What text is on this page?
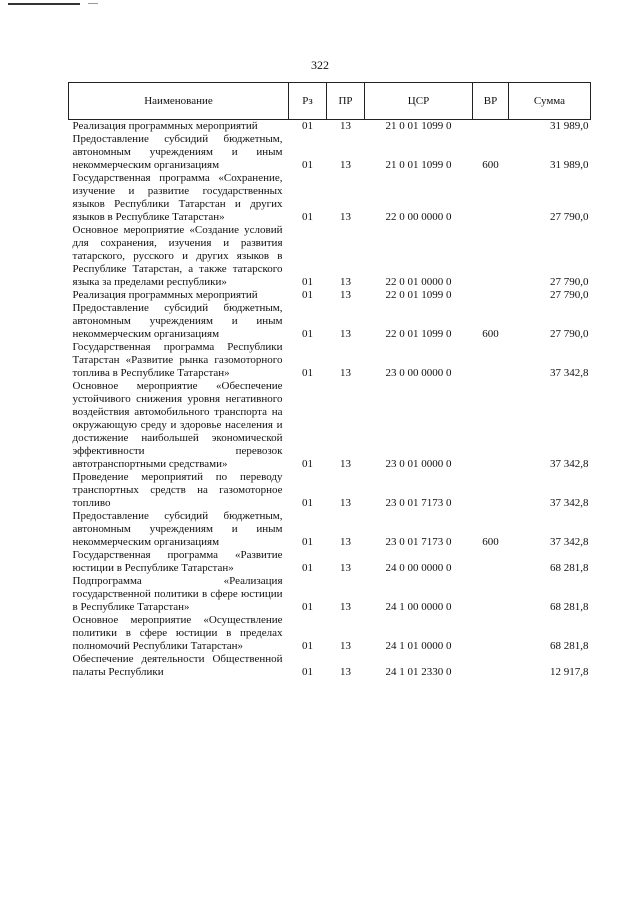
322
Наименование	Рз	ПР	ЦСР	ВР	Сумма
Реализация программных мероприятий	01	13	21 0 01 1099 0		31 989,0
Предоставление субсидий бюджетным, автономным учреждениям и иным некоммерческим организациям	01	13	21 0 01 1099 0	600	31 989,0
Государственная программа «Сохранение, изучение и развитие государственных языков Республики Татарстан и других языков в Республике Татарстан»	01	13	22 0 00 0000 0		27 790,0
Основное мероприятие «Создание условий для сохранения, изучения и развития татарского, русского и других языков в Республике Татарстан, а также татарского языка за пределами республики»	01	13	22 0 01 0000 0		27 790,0
Реализация программных мероприятий	01	13	22 0 01 1099 0		27 790,0
Предоставление субсидий бюджетным, автономным учреждениям и иным некоммерческим организациям	01	13	22 0 01 1099 0	600	27 790,0
Государственная программа Республики Татарстан «Развитие рынка газомоторного топлива в Республике Татарстан»	01	13	23 0 00 0000 0		37 342,8
Основное мероприятие «Обеспечение устойчивого снижения уровня негативного воздействия автомобильного транспорта на окружающую среду и здоровье населения и достижение наибольшей экономической эффективности перевозок автотранспортными средствами»	01	13	23 0 01 0000 0		37 342,8
Проведение мероприятий по переводу транспортных средств на газомоторное топливо	01	13	23 0 01 7173 0		37 342,8
Предоставление субсидий бюджетным, автономным учреждениям и иным некоммерческим организациям	01	13	23 0 01 7173 0	600	37 342,8
Государственная программа «Развитие юстиции в Республике Татарстан»	01	13	24 0 00 0000 0		68 281,8
Подпрограмма «Реализация государственной политики в сфере юстиции в Республике Татарстан»	01	13	24 1 00 0000 0		68 281,8
Основное мероприятие «Осуществление политики в сфере юстиции в пределах полномочий Республики Татарстан»	01	13	24 1 01 0000 0		68 281,8
Обеспечение деятельности Общественной палаты Республики	01	13	24 1 01 2330 0		12 917,8
